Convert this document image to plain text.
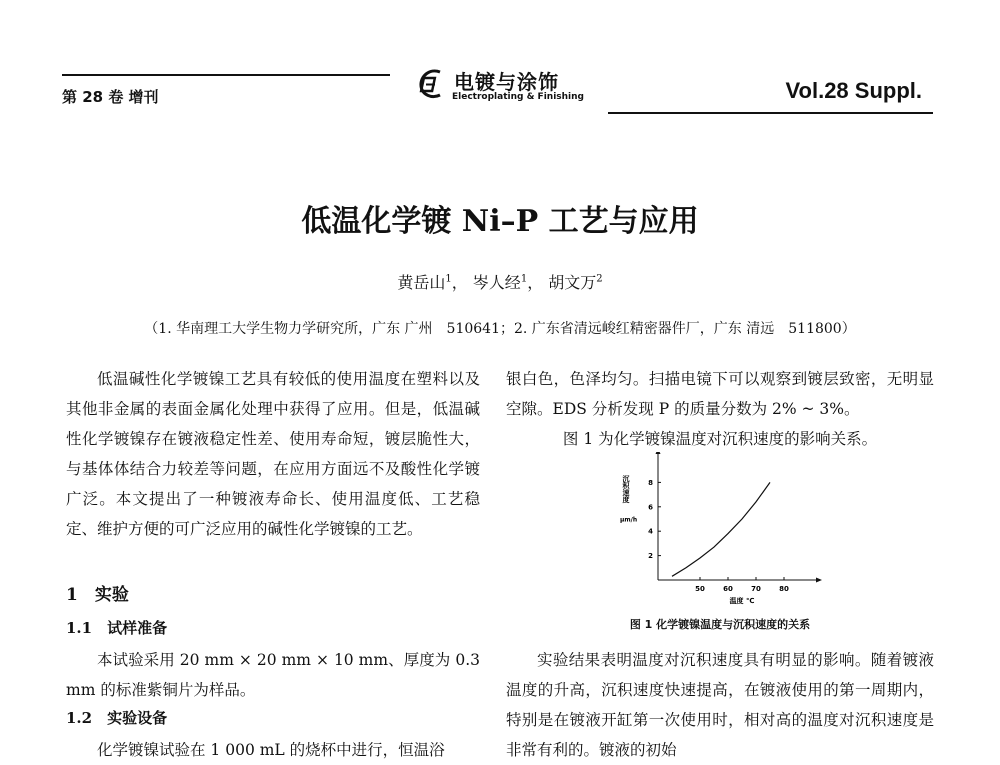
第 28 卷 增刊
电镀与涂饰
Electroplating & Finishing	Vol.28 Suppl.
低温化学镀 Ni–P 工艺与应用
黄岳山$^1$， 岑人经$^1$， 胡文万$^2$
（1. 华南理工大学生物力学研究所，广东 广州　510641；2. 广东省清远峻红精密器件厂，广东 清远　511800）

低温碱性化学镀镍工艺具有较低的使用温度在塑料以及其他非金属的表面金属化处理中获得了应用。但是，低温碱性化学镀镍存在镀液稳定性差、使用寿命短，镀层脆性大，与基体体结合力较差等问题，在应用方面远不及酸性化学镀广泛。本文提出了一种镀液寿命长、使用温度低、工艺稳定、维护方便的可广泛应用的碱性化学镀镍的工艺。

1　实验
1.1　试样准备

本试验采用 20 mm × 20 mm × 10 mm、厚度为 0.3 mm 的标准紫铜片为样品。

1.2　实验设备

化学镀镍试验在 1 000 mL 的烧杯中进行，恒温浴

银白色，色泽均匀。扫描电镜下可以观察到镀层致密，无明显空隙。EDS 分析发现 P 的质量分数为 2% ~ 3%。

图 1 为化学镀镍温度对沉积速度的影响关系。

50	60	70	80
2
4
6
8
沉积速度
μm/h
温度 ℃
图 1 化学镀镍温度与沉积速度的关系

实验结果表明温度对沉积速度具有明显的影响。随着镀液温度的升高，沉积速度快速提高，在镀液使用的第一周期内，特别是在镀液开缸第一次使用时，相对高的温度对沉积速度是非常有利的。镀液的初始
